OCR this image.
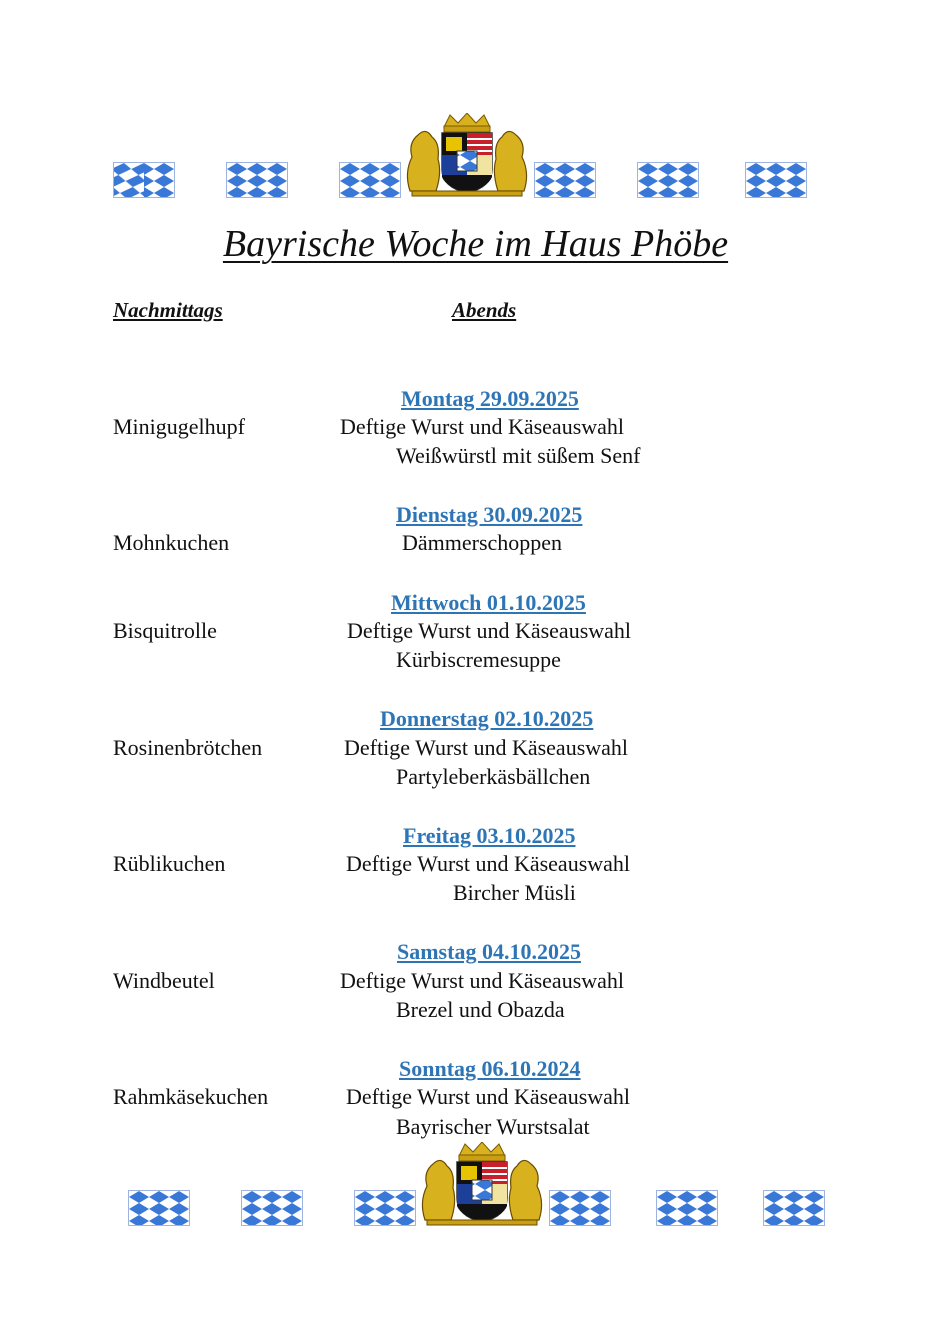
Bayrische Woche im Haus Phöbe
Nachmittags	Abends
Montag 29.09.2025
Minigugelhupf	Deftige Wurst und Käseauswahl
Weißwürstl mit süßem Senf
Dienstag 30.09.2025
Mohnkuchen	Dämmerschoppen
Mittwoch 01.10.2025
Bisquitrolle	Deftige Wurst und Käseauswahl
Kürbiscremesuppe
Donnerstag 02.10.2025
Rosinenbrötchen	Deftige Wurst und Käseauswahl
Partyleberkäsbällchen
Freitag 03.10.2025
Rüblikuchen	Deftige Wurst und Käseauswahl
Bircher Müsli
Samstag 04.10.2025
Windbeutel	Deftige Wurst und Käseauswahl
Brezel und Obazda
Sonntag 06.10.2024
Rahmkäsekuchen	Deftige Wurst und Käseauswahl
Bayrischer Wurstsalat
